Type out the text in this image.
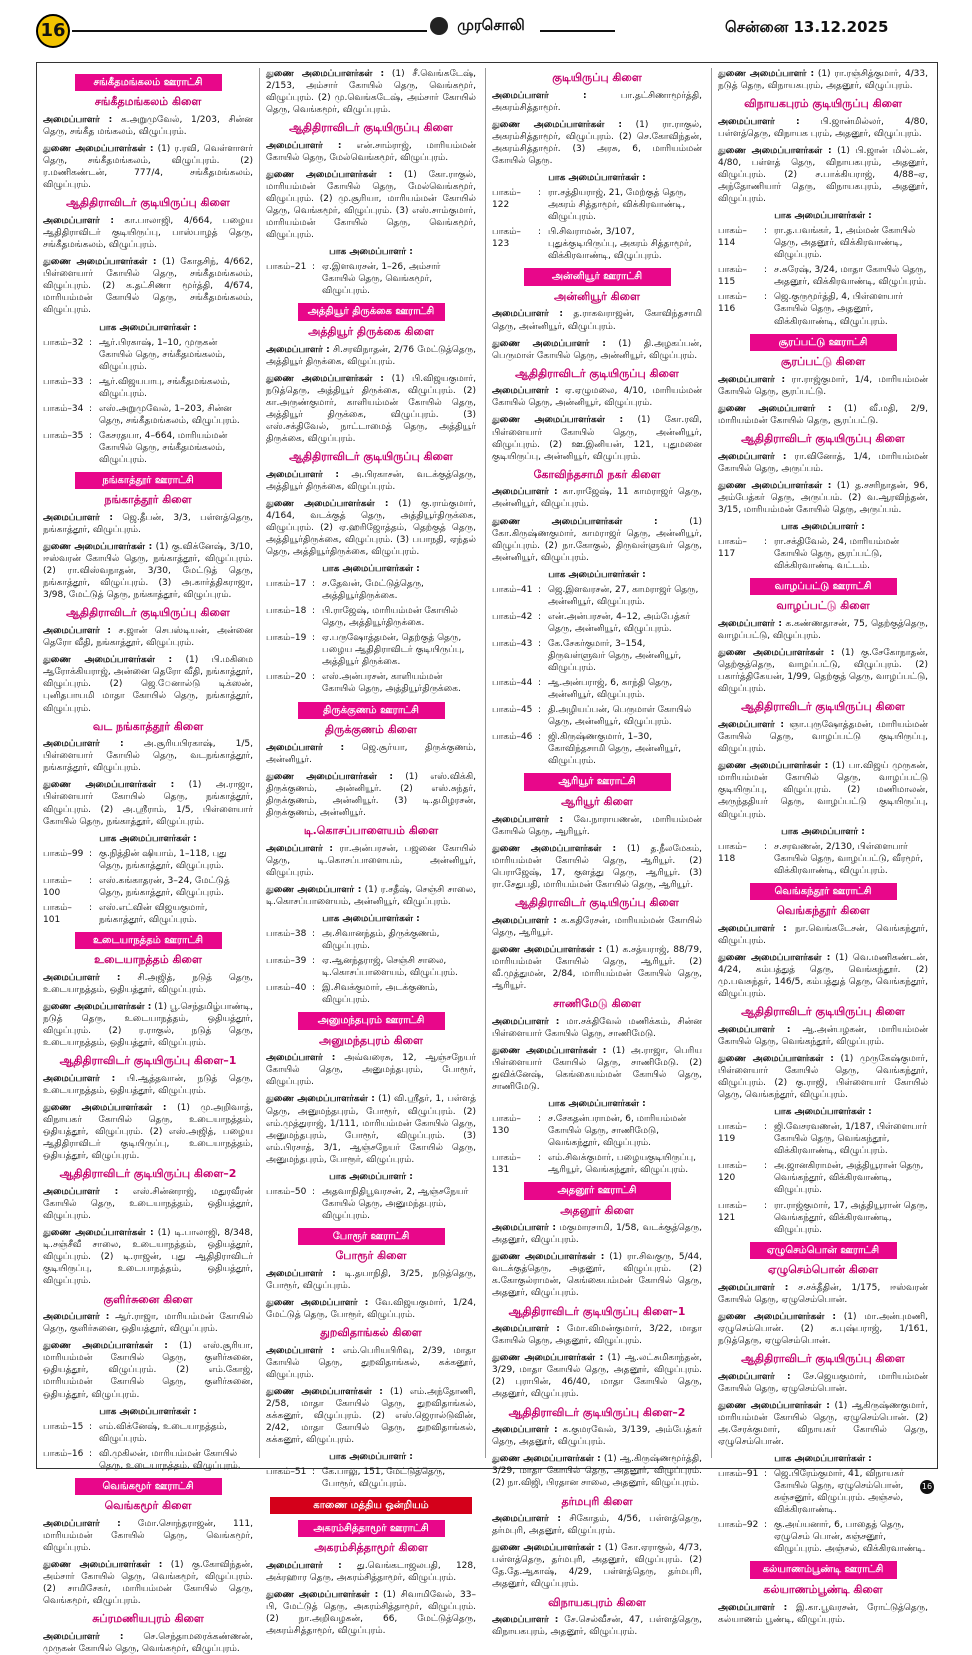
16	முரசொலி	சென்னை 13.12.2025
சங்கீதமங்கலம் ஊராட்சி
சங்கீதமங்கலம் கிளை
அமைப்பாளர் : க.அறுமுவேல், 1/203, சின்ன தெரு, சங்கீத மங்கலம், விழுப்புரம்.
துணை அமைப்பாளர்கள் : (1) ர.ரவி, வெள்ளாளர் தெரு, சங்கீதமங்கலம், விழுப்புரம். (2) ர.மணிகண்டன், 777/4, சங்கீதமங்கலம், விழுப்புரம்.
ஆதிதிராவிடர் குடியிருப்பு கிளை
அமைப்பாளர் : கா.பாலாஜி, 4/664, பழைய ஆதிதிராவிடர் குடியிருப்பு, பாஸ்பாழத் தெரு, சங்கீதமங்கலம், விழுப்புரம்.
துணை அமைப்பாளர்கள் : (1) கோதசிந், 4/662, பிள்ளையார் கோயில் தெரு, சங்கீதமங்கலம், விழுப்புரம். (2) க.தட்சிணா மூர்த்தி, 4/674, மாரியம்மன் கோயில் தெரு, சங்கீதமங்கலம், விழுப்புரம்.
பாக அமைப்பாளர்கள் :
பாகம்–32 : ஆர்.பிரகாஷ், 1–10, முருகன் கோயில் தெரு, சங்கீதமங்கலம், விழுப்புரம்.
பாகம்–33 : ஆர்.விஜயபாபு, சங்கீதமங்கலம், விழுப்புரம்.
பாகம்–34 : எஸ்.அறுமுவேல், 1–203, சின்ன தெரு, சங்கீதமங்கலம், விழுப்புரம்.
பாகம்–35 : கேசரதயா, 4–664, மாரியம்மன் கோயில் தெரு, சங்கீதமங்கலம், விழுப்புரம்.
நங்காத்தூர் ஊராட்சி
நங்காத்தூர் கிளை
அமைப்பாளர் : ஜெ.தீபன், 3/3, பள்ளத்தெரு, நங்காத்தூர், விழுப்புரம்.
துணை அமைப்பாளர்கள் : (1) கு.விக்னேஷ், 3/10, ஈஸ்வரன் கோயில் தெரு, நங்காத்தூர், விழுப்புரம். (2) ரா.விஸ்வநாதன், 3/30, மேட்டுத் தெரு, நங்காத்தூர், விழுப்புரம். (3) அ.கார்த்திகராஜா, 3/98, மேட்டுத் தெரு, நங்காத்தூர், விழுப்புரம்.
ஆதிதிராவிடர் குடியிருப்பு கிளை
அமைப்பாளர் : ச.ஜான் செபஸ்டியன், அன்னை தெரோ வீதி, நங்காத்தூர், விழுப்புரம்.
துணை அமைப்பாளர்கள் : (1) பி.மகிமை ஆரோக்கியராஜ், அன்னை தெரோ வீதி, நங்காத்தூர், விழுப்புரம். (2) ஜெ.ேனால்டு டிக்ஸன், புனிதபாயமி மாதா கோயில் தெரு, நங்காத்தூர், விழுப்புரம்.
வட நங்காத்தூர் கிளை
அமைப்பாளர் : அ.சூரியபிரகாஷ், 1/5, பிள்ளையார் கோயில் தெரு, வடநங்காத்தூர், நங்காத்தூர், விழுப்புரம்.
துணை அமைப்பாளர்கள் : (1) அ.ராஜா, பிள்ளையார் கோயில் தெரு, நங்காத்தூர், விழுப்புரம். (2) அ.ஸ்ரீராம், 1/5, பிள்ளையார் கோயில் தெரு, நங்காத்தூர், விழுப்புரம்.
பாக அமைப்பாளர்கள் :
பாகம்–99 : கு.நித்தின் ஷியாம், 1–118, புது தெரு, நங்காத்தூர், விழுப்புரம்.
பாகம்–100
: எஸ்.கங்காதரன், 3–24, மேட்டுத் தெரு, நங்காத்தூர், விழுப்புரம்.
பாகம்–101
: எஸ்.எட்வின் விஜயகுமார், நங்காத்தூர், விழுப்புரம்.
உடையாநத்தம் ஊராட்சி
உடையாநத்தம் கிளை
அமைப்பாளர் : சி.அஜித், நடுத் தெரு, உடையாநத்தம், ஒதியத்தூர், விழுப்புரம்.
துணை அமைப்பாளர்கள் : (1) பூ.செந்தமிழ்பாண்டி, நடுத் தெரு, உடையாநத்தம், ஒதியத்தூர், விழுப்புரம். (2) ர.ராகுல், நடுத் தெரு, உடையாநத்தம், ஒதியத்தூர், விழுப்புரம்.
ஆதிதிராவிடர் குடியிருப்பு கிளை–1
அமைப்பாளர் : பி.ஆத்தவான், நடுத் தெரு, உடையாநத்தம், ஒதியத்தூர், விழுப்புரம்.
துணை அமைப்பாளர்கள் : (1) மு.அறிவாத், விநாயகர் கோயில் தெரு, உடையாநத்தம், ஒதியத்தூர், விழுப்புரம். (2) எஸ்.அஜித், பழைய ஆதிதிராவிடர் குடியிருப்பு, உடையாநத்தம், ஒதியத்தூர், விழுப்புரம்.
ஆதிதிராவிடர் குடியிருப்பு கிளை–2
அமைப்பாளர் : எஸ்.சின்னராஜ், மதுரவீரன் கோயில் தெரு, உடையாநத்தம், ஒதியத்தூர், விழுப்புரம்.
துணை அமைப்பாளர்கள் : (1) டி.பாலாஜி, 8/348, டி.சஞ்சீவீ சாலை, உடையாநத்தம், ஒதியத்தூர், விழுப்புரம். (2) டி.ராஜன், புது ஆதிதிராவிடர் குடியிருப்பு, உடையாநத்தம், ஒதியத்தூர், விழுப்புரம்.
குளிர்சுனை கிளை
அமைப்பாளர் : ஆர்.ராஜா, மாரியம்மன் கோயில் தெரு, குளிர்சுனை, ஒதியத்தூர், விழுப்புரம்.
துணை அமைப்பாளர்கள் : (1) எஸ்.சூரியா, மாரியம்மன் கோயில் தெரு, குளிர்சுனை, ஒதியத்தூர், விழுப்புரம். (2) எம்.கோஜ், மாரியம்மன் கோயில் தெரு, குளிர்சுனை, ஒதியத்தூர், விழுப்புரம்.
பாக அமைப்பாளர்கள் :
பாகம்–15 : எம்.விக்னேஷ், உடையாநத்தம், விழுப்புரம்.
பாகம்–16 : வி.முகிலன், மாரியம்மன் கோயில் தெரு, உடையாநத்தம், விழுப்புரம்.
வெங்கமூர் ஊராட்சி
வெங்கமூர் கிளை
அமைப்பாளர் : மோ.சொந்தராஜன், 111, மாரியம்மன் கோயில் தெரு, வெங்கமூர், விழுப்புரம்.
துணை அமைப்பாளர்கள் : (1) கு.கோவிந்தன், அம்சார் கோயில் தெரு, வெங்கமூர், விழுப்புரம். (2) சாமிசேகர், மாரியம்மன் கோயில் தெரு, வெங்கமூர், விழுப்புரம்.
சுப்ரமணியபுரம் கிளை
அமைப்பாளர் : செ.செந்தாமரைக்கண்ணன், முருகன் கோயில் தெரு, வெங்கமூர், விழுப்புரம்.
துணை அமைப்பாளர்கள் : (1) சீ.வெங்கடேஷ், 2/153, அம்சார் கோயில் தெரு, வெங்கமூர், விழுப்புரம். (2) மு.வெங்கடேஷ், அம்சார் கோயில் தெரு, வெங்கமூர், விழுப்புரம்.
ஆதிதிராவிடர் குடியிருப்பு கிளை
அமைப்பாளர் : என்.சாம்ராஜ், மாரியம்மன் கோயில் தெரு, மேல்வெங்கமூர், விழுப்புரம்.
துணை அமைப்பாளர்கள் : (1) கோ.ராகுல், மாரியம்மன் கோயில் தெரு, மேல்வெங்கமூர், விழுப்புரம். (2) மு.சூரியா, மாரியம்மன் கோயில் தெரு, வெங்கமூர், விழுப்புரம். (3) எஸ்.சாம்குமார், மாரியம்மன் கோயில் தெரு, வெங்கமூர், விழுப்புரம்.
பாக அமைப்பாளர் :
பாகம்–21 : ஏ.இளவரசன், 1–26, அம்சார் கோயில் தெரு, வெங்கமூர், விழுப்புரம்.
அத்தியூர் திருக்கை ஊராட்சி
அத்தியூர் திருக்கை கிளை
அமைப்பாளர் : சி.சரவிநாதன், 2/76 மேட்டுத்தெரு, அத்தியூர் திருக்கை, விழுப்புரம்.
துணை அமைப்பாளர்கள் : (1) பி.விஜயகுமார், நடுத்தெரு, அத்தியூர் திருக்கை, விழுப்புரம். (2) கா.அருண்குமார், காளியம்மன் கோயில் தெரு, அத்தியூர் திருக்கை, விழுப்புரம். (3) எஸ்.சக்திவேல், நாட்டாமைத் தெரு, அத்தியூர் திருக்கை, விழுப்புரம்.
ஆதிதிராவிடர் குடியிருப்பு கிளை
அமைப்பாளர் : அ.பிரகாசன், வடக்குத்தெரு, அத்தியூர் திருக்கை, விழுப்புரம்.
துணை அமைப்பாளர்கள் : (1) கு.ராம்குமார், 4/164, வடக்குத் தெரு, அத்தியூர்திருக்கை, விழுப்புரம். (2) ஏ.ஹரிஜோத்தம், தெற்குத் தெரு, அத்தியூர்திருக்கை, விழுப்புரம். (3) பபாநதி, ஏந்தல் தெரு, அத்தியூர்திருக்கை, விழுப்புரம்.
பாக அமைப்பாளர்கள் :
பாகம்–17 : ச.தேவன், மேட்டுத்தெரு, அத்தியூர்திருக்கை.
பாகம்–18 : பி.ராஜேஷ், மாரியம்மன் கோயில் தெரு, அத்தியூர்திருக்கை.
பாகம்–19 : ஏ.பருஷோத்தமன், தெற்குத் தெரு, பழைய ஆதிதிராவிடர் குடியிருப்பு, அத்தியூர் திருக்கை.
பாகம்–20 : எஸ்.அன்பரசன், காளியம்மன் கோயில் தெரு, அத்தியூர்திருக்கை.
திருக்குணம் ஊராட்சி
திருக்குணம் கிளை
அமைப்பாளர் : ஜெ.சூர்யா, திருக்குணம், அன்னியூர்.
துணை அமைப்பாளர்கள் : (1) எஸ்.விக்கி, திருக்குணம், அன்னியூர். (2) எஸ்.சுந்தர், திருக்குணம், அன்னியூர். (3) டி.தமிழரசன், திருக்குணம், அன்னியூர்.
டி.கொசப்பாளையம் கிளை
அமைப்பாளர் : ரா.அன்பரசன், பஜனை கோயில் தெரு, டி.கொசப்பாளையம், அன்னியூர், விழுப்புரம்.
துணை அமைப்பாளர் : (1) ர.சதீஷ், செஞ்சி சாலை, டி.கொசப்பாளையம், அன்னியூர், விழுப்புரம்.
பாக அமைப்பாளர்கள் :
பாகம்–38 : அ.சிவானந்தம், திருக்குணம், விழுப்புரம்.
பாகம்–39 : ஏ.ஆனந்தராஜ், செஞ்சி சாலை, டி.கொசப்பாளையம், விழுப்புரம்.
பாகம்–40 : இ.சிவக்குமார், அடக்குணம், விழுப்புரம்.
அனுமந்தபுரம் ஊராட்சி
அனுமந்தபுரம் கிளை
அமைப்பாளர் : அவ்வரைசு, 12, ஆஞ்சநேயர் கோயில் தெரு, அனுமந்தபுரம், போரூர், விழுப்புரம்.
துணை அமைப்பாளர்கள் : (1) வி.ஸ்ரீதர், 1, பள்ளத் தெரு, அனுமந்தபுரம், போரூர், விழுப்புரம். (2) எம்.முத்துராஜ், 1/111, மாரியம்மன் கோயில் தெரு, அனுமந்தபுரம், போரூர், விழுப்புரம். (3) எம்.பிரசாத், 3/1, ஆஞ்சநேயர் கோயில் தெரு, அனுமந்தபுரம், போரூர், விழுப்புரம்.
பாக அமைப்பாளர் :
பாகம்–50 : அதவாநிதிபூவரசன், 2, ஆஞ்சநேயர் கோயில் தெரு, அனுமந்தபுரம், விழுப்புரம்.
போரூர் ஊராட்சி
போரூர் கிளை
அமைப்பாளர் : டி.தயாநிதி, 3/25, நடுத்தெரு, போரூர், விழுப்புரம்.
துணை அமைப்பாளர் : வே.விஜயகுமார், 1/24, மேட்டுத் தெரு, போரூர், விழுப்புரம்.
துறவிதாங்கல் கிளை
அமைப்பாளர் : எம்.பெரியபிரிவு, 2/39, மாதா கோயில் தெரு, துறவிதாங்கல், கக்கனூர், விழுப்புரம்.
துணை அமைப்பாளர்கள் : (1) எம்.அந்தோணி, 2/58, மாதா கோயில் தெரு, துறவிதாங்கல், கக்கனூர், விழுப்புரம். (2) எஸ்.ஜெரால்டுவின், 2/42, மாதா கோயில் தெரு, துறவிதாங்கல், கக்கனூர், விழுப்புரம்.
பாக அமைப்பாளர் :
பாகம்–51 : கே.பாலு, 151, மேட்டுத்தெரு, போரூர், விழுப்புரம்.
காணை மத்திய ஒன்றியம்
அகரம்சித்தாமூர் ஊராட்சி
அகரம்சித்தாமூர் கிளை
அமைப்பாளர் : து.வெங்கடாஜலபதி, 128, அக்ரஹார தெரு, அகரம்சித்தாமூர், விழுப்புரம்.
துணை அமைப்பாளர்கள் : (1) சிவாமிவேல், 33–பி, மேட்டுத் தெரு, அகரம்சித்தாமூர், விழுப்புரம். (2) நா.அறிவழகன், 66, மேட்டுத்தெரு, அகரம்சித்தாமூர், விழுப்புரம்.
குடியிருப்பு கிளை
அமைப்பாளர் :	பா.தட்சிணாமூர்த்தி, அகரம்சித்தாமூர்.
துணை அமைப்பாளர்கள் : (1) ரா.ராகுல், அகரம்சித்தாமூர், விழுப்புரம். (2) செ.கோவிந்தன், அகரம்சித்தாமூர். (3) அரசு, 6, மாரியம்மன் கோயில் தெரு.
பாக அமைப்பாளர்கள் :
பாகம்–122
: ரா.சத்தியராஜ், 21, மேற்குத் தெரு, அகரம் சித்தாமூர், விக்கிரவாண்டி, விழுப்புரம்.
பாகம்–123
: பி.சிவராமன், 3/107, புதுக்குடியிருப்பு, அகரம் சித்தாமூர், விக்கிரவாண்டி, விழுப்புரம்.
அன்னியூர் ஊராட்சி
அன்னியூர் கிளை
அமைப்பாளர் : த.ராகவராஜன், கோவிந்தசாமி தெரு, அன்னியூர், விழுப்புரம்.
துணை அமைப்பாளர் : (1) தி.அழகப்பன், பெருமாள் கோயில் தெரு, அன்னியூர், விழுப்புரம்.
ஆதிதிராவிடர் குடியிருப்பு கிளை
அமைப்பாளர் : ஏ.ஏழுமலை, 4/10, மாரியம்மன் கோயில் தெரு, அன்னியூர், விழுப்புரம்.
துணை அமைப்பாளர்கள் : (1) கோ.ரவி, பிள்ளையார் கோயில் தெரு, அன்னியூர், விழுப்புரம். (2) ஊ.இனியன், 121, புதுமனை குடியிருப்பு, அன்னியூர், விழுப்புரம்.
கோவிந்தசாமி நகர் கிளை
அமைப்பாளர் : கா.ராஜேஷ், 11 காமராஜர் தெரு, அன்னியூர், விழுப்புரம்.
துணை அமைப்பாளர்கள் :	(1) கோ.கிருஷ்ணகுமார், காமராஜர் தெரு, அன்னியூர், விழுப்புரம். (2) நா.கோகுல், திருவள்ளுவர் தெரு, அன்னியூர், விழுப்புரம்.
பாக அமைப்பாளர்கள் :
பாகம்–41 : ஜெ.இளவரசன், 27, காமராஜர் தெரு, அன்னியூர், விழுப்புரம்.
பாகம்–42 : என்.அன்பரசன், 4–12, அம்பேத்கர் தெரு, அன்னியூர், விழுப்புரம்.
பாகம்–43 : கே.சேகர்குமார், 3–154, திருவள்ளுவர் தெரு, அன்னியூர், விழுப்புரம்.
பாகம்–44 : ஆ.அன்பராஜ், 6, காந்தி தெரு, அன்னியூர், விழுப்புரம்.
பாகம்–45 : தி.அழியப்பன், பெருமாள் கோயில் தெரு, அன்னியூர், விழுப்புரம்.
பாகம்–46 : ஜி.கிருஷ்ணகுமார், 1–30, கோவிந்தசாமி தெரு, அன்னியூர், விழுப்புரம்.
ஆரியூர் ஊராட்சி
ஆரியூர் கிளை
அமைப்பாளர் : வே.நாராயணன், மாரியம்மன் கோயில் தெரு, ஆரியூர்.
துணை அமைப்பாளர்கள் : (1) த.நீலமேகம், மாரியம்மன் கோயில் தெரு, ஆரியூர். (2) பெராஜேஷ், 17, குளத்து தெரு, ஆரியூர். (3) ரா.சேதுபதி, மாரியம்மன் கோயில் தெரு, ஆரியூர்.
ஆதிதிராவிடர் குடியிருப்பு கிளை
அமைப்பாளர் : க.கதிரேசன், மாரியம்மன் கோயில் தெரு, ஆரியூர்.
துணை அமைப்பாளர்கள் : (1) க.சத்யராஜ், 88/79, மாரியம்மன் கோயில் தெரு, ஆரியூர். (2) வீ.முத்துமன், 2/84, மாரியம்மன் கோயில் தெரு, ஆரியூர்.
சாணிமேடு கிளை
அமைப்பாளர் : மா.சக்திவேல் மணிக்கம், சின்ன பிள்ளையார் கோயில் தெரு, சாணிமேடு.
துணை அமைப்பாளர்கள் : (1) அ.ராஜா, பெரிய பிள்ளையார் கோயில் தெரு, சாணிமேடு. (2) துவிக்னேஷ், கெங்கையம்மன் கோயில் தெரு, சாணிமேடு.
பாக அமைப்பாளர்கள் :
பாகம்–130
: ச.சேகதன்பராமன், 6, மாரியம்மன் கோயில் தெரு, சாணிமேடு, வெங்கந்தூர், விழுப்புரம்.
பாகம்–131
: எம்.சிவக்குமார், பழையகுடியிருப்பு, ஆரியூர், வெங்கந்தூர், விழுப்புரம்.
அதனூர் ஊராட்சி
அதனூர் கிளை
அமைப்பாளர் : மகுமாரசாமி, 1/58, வடக்குத்தெரு, அதனூர், விழுப்புரம்.
துணை அமைப்பாளர்கள் : (1) ரா.சிவகுரு, 5/44, வடக்குத்தெரு, அதனூர், விழுப்புரம். (2) க.கோகுல்ராமன், கெங்கையம்மன் கோயில் தெரு, அதனூர், விழுப்புரம்.
ஆதிதிராவிடர் குடியிருப்பு கிளை–1
அமைப்பாளர் : மோ.விமன்குமார், 3/22, மாதா கோயில் தெரு, அதனூர், விழுப்புரம்.
துணை அமைப்பாளர்கள் : (1) ஆ.லட்சுமிகாந்தன், 3/29, மாதா கோயில் தெரு, அதனூர், விழுப்புரம். (2) புராபின், 46/40, மாதா கோயில் தெரு, அதனூர், விழுப்புரம்.
ஆதிதிராவிடர் குடியிருப்பு கிளை–2
அமைப்பாளர் : க.குமரவேல், 3/139, அம்பேத்கர் தெரு, அதனூர், விழுப்புரம்.
துணை அமைப்பாளர்கள் : (1) ஆ.கிருஷ்ணமூர்த்தி, 3/29, மாதா கோயில் தெரு, அதனூர், விழுப்புரம். (2) நா.விஜி, பிரதான சாலை, அதனூர், விழுப்புரம்.
தர்மபுரி கிளை
அமைப்பாளர் : சிகோதம், 4/56, பள்ளத்தெரு, தர்மபுரி, அதனூர், விழுப்புரம்.
துணை அமைப்பாளர்கள் : (1) கோ.ஏராகுல், 4/73, பள்ளத்தெரு, தர்மபுரி, அதனூர், விழுப்புரம். (2) தே.தே.ஆகாஷ், 4/29, பள்ளத்தெரு, தர்மபுரி, அதனூர், விழுப்புரம்.
விநாயகபுரம் கிளை
அமைப்பாளர் : சே.செல்வீசன், 47, பள்ளத்தெரு, விநாயகபுரம், அதனூர், விழுப்புரம்.
துணை அமைப்பாளர் : (1) ரா.ரஞ்சித்குமார், 4/33, நடுத் தெரு, விநாயகபுரம், அதனூர், விழுப்புரம்.
விநாயகபுரம் குடியிருப்பு கிளை
அமைப்பாளர் : பி.ஜான்மில்லர், 4/80, பள்ளத்தெரு, விநாயக புரம், அதனூர், விழுப்புரம்.
துணை அமைப்பாளர்கள் : (1) பி.ஜான் மில்டன், 4/80, பள்ளத் தெரு, விநாயகபுரம், அதனூர், விழுப்புரம். (2) ச.பாக்கியராஜ், 4/88–ஏ, அந்தோணியார் தெரு, விநாயகபுரம், அதனூர், விழுப்புரம்.
பாக அமைப்பாளர்கள் :
பாகம்–114
: ரா.த.பவங்கர், 1, அம்மன் கோயில் தெரு, அதனூர், விக்கிரவாண்டி, விழுப்புரம்.
பாகம்–115
: ச.சுரேஷ், 3/24, மாதா கோயில் தெரு, அதனூர், விக்கிரவாண்டி, விழுப்புரம்.
பாகம்–116
: ஜெ.குருமூர்த்தி, 4, பிள்ளையார் கோயில் தெரு, அதனூர், விக்கிரவாண்டி, விழுப்புரம்.
சூரப்பட்டு ஊராட்சி
சூரப்பட்டு கிளை
அமைப்பாளர் : ரா.ராஜ்குமார், 1/4, மாரியம்மன் கோயில் தெரு, சூரப்பட்டு.
துணை அமைப்பாளர் : (1) வீ.மதி, 2/9, மாரியம்மன் கோயில் தெரு, சூரப்பட்டு.
ஆதிதிராவிடர் குடியிருப்பு கிளை
அமைப்பாளர் : ரா.வினோத், 1/4, மாரியம்மன் கோயில் தெரு, அருப்பம்.
துணை அமைப்பாளர்கள் : (1) த.சசரிநாதன், 96, அம்பேத்கர் தெரு, அருப்பம். (2) வ.ஆரவிந்தன், 3/15, மாரியம்மன் கோயில் தெரு, அருப்பம்.
பாக அமைப்பாளர் :
பாகம்–117
: ரா.சக்திவேல், 24, மாரியம்மன் கோயில் தெரு, சூரப்பட்டு, விக்கிரவாண்டி வட்டம்.
வாழப்பட்டு ஊராட்சி
வாழப்பட்டு கிளை
அமைப்பாளர் : க.கண்ணதாசன், 75, தெற்குத்தெரு, வாழப்பட்டு, விழுப்புரம்.
துணை அமைப்பாளர்கள் : (1) கு.சேகோநாதன், தெற்குத்தெரு, வாழப்பட்டு, விழுப்புரம். (2) பகார்த்திகேயன், 1/99, தெற்குத் தெரு, வாழப்பட்டு, விழுப்புரம்.
ஆதிதிராவிடர் குடியிருப்பு கிளை
அமைப்பாளர் : ஞா.புருஷோத்தமன், மாரியம்மன் கோயில் தெரு, வாழப்பட்டு குடியிருப்பு, விழுப்புரம்.
துணை அமைப்பாளர்கள் : (1) பா.விஜய் முருகன், மாரியம்மன் கோயில் தெரு, வாழப்பட்டு குடியிருப்பு, விழுப்புரம். (2) மணிமாலன், அருந்ததியர் தெரு, வாழப்பட்டு குடியிருப்பு, விழுப்புரம்.
பாக அமைப்பாளர் :
பாகம்–118
: ச.சரவணன், 2/130, பிள்ளையார் கோயில் தெரு, வாழப்பட்டு, வீரமூர், விக்கிரவாண்டி, விழுப்புரம்.
வெங்கந்தூர் ஊராட்சி
வெங்கந்தூர் கிளை
அமைப்பாளர் : நா.வெங்கடேசன், வெங்கந்தூர், விழுப்புரம்.
துணை அமைப்பாளர்கள் : (1) வெ.மணிகண்டன், 4/24, கம்பத்துத் தெரு, வெங்கந்தூர். (2) மு.பவசுந்தர், 146/5, கம்பத்துத் தெரு, வெங்கந்தூர், விழுப்புரம்.
ஆதிதிராவிடர் குடியிருப்பு கிளை
அமைப்பாளர் : ஆ.அன்பழகன், மாரியம்மன் கோயில் தெரு, வெங்கந்தூர், விழுப்புரம்.
துணை அமைப்பாளர்கள் : (1) முருகேஷ்குமார், பிள்ளையார் கோயில் தெரு, வெங்கந்தூர், விழுப்புரம். (2) கு.ராஜி, பிள்ளையார் கோயில் தெரு, வெங்கந்தூர், விழுப்புரம்.
பாக அமைப்பாளர்கள் :
பாகம்–119
: ஜி.வேசரவணன், 1/187, பிள்ளையார் கோயில் தெரு, வெங்கந்தூர், விக்கிரவாண்டி, விழுப்புரம்.
பாகம்–120
: அ.ஜானகிராமன், அத்தியூரான் தெரு, வெங்கந்தூர், விக்கிரவாண்டி, விழுப்புரம்.
பாகம்–121
: ரா.ராஜ்குமார், 17, அத்தியூரான் தெரு, வெங்கந்தூர், விக்கிரவாண்டி, விழுப்புரம்.
ஏழுசெம்பொன் ஊராட்சி
ஏழுசெம்பொன் கிளை
அமைப்பாளர் : ச.சக்தீதின், 1/175, ஈஸ்வரன் கோயில் தெரு, ஏழுசெம்பொன்.
துணை அமைப்பாளர்கள் : (1) மா.அன்புமணி, ஏழுசெம்பொன். (2) க.புஷ்பராஜ், 1/161, நடுத்தெரு, ஏழுசெம்பொன்.
ஆதிதிராவிடர் குடியிருப்பு கிளை
அமைப்பாளர் : சே.ஜெயகுமார், மாரியம்மன் கோயில் தெரு, ஏழுசெம்பொன்.
துணை அமைப்பாளர்கள் : (1) ஆகிருஷ்ணகுமார், மாரியம்மன் கோயில் தெரு, ஏழுசெம்பொன். (2) அ.சேரக்குமார், விநாயகர் கோயில் தெரு, ஏழுசெம்பொன்.
பாக அமைப்பாளர்கள் :
பாகம்–91 : ஜெ.பிரேம்குமார், 41, விநாயகர் கோயில் தெரு, ஏழுசெம்பொன், கஞ்சனூர், விழுப்புரம். அஞ்சல், விக்கிரவாண்டி.
பாகம்–92 : கு.அய்யனார், 6, பாதைத் தெரு, ஏழுசெம் பொன், கஞ்சனூர், விழுப்புரம். அஞ்சல், விக்கிரவாண்டி.
கல்யாணம்பூண்டி ஊராட்சி
கல்யாணம்பூண்டி கிளை
அமைப்பாளர் : இ.கா.பூவரசன், ரோட்டுத்தெரு, கல்யாணம் பூண்டி, விழுப்புரம்.
16
